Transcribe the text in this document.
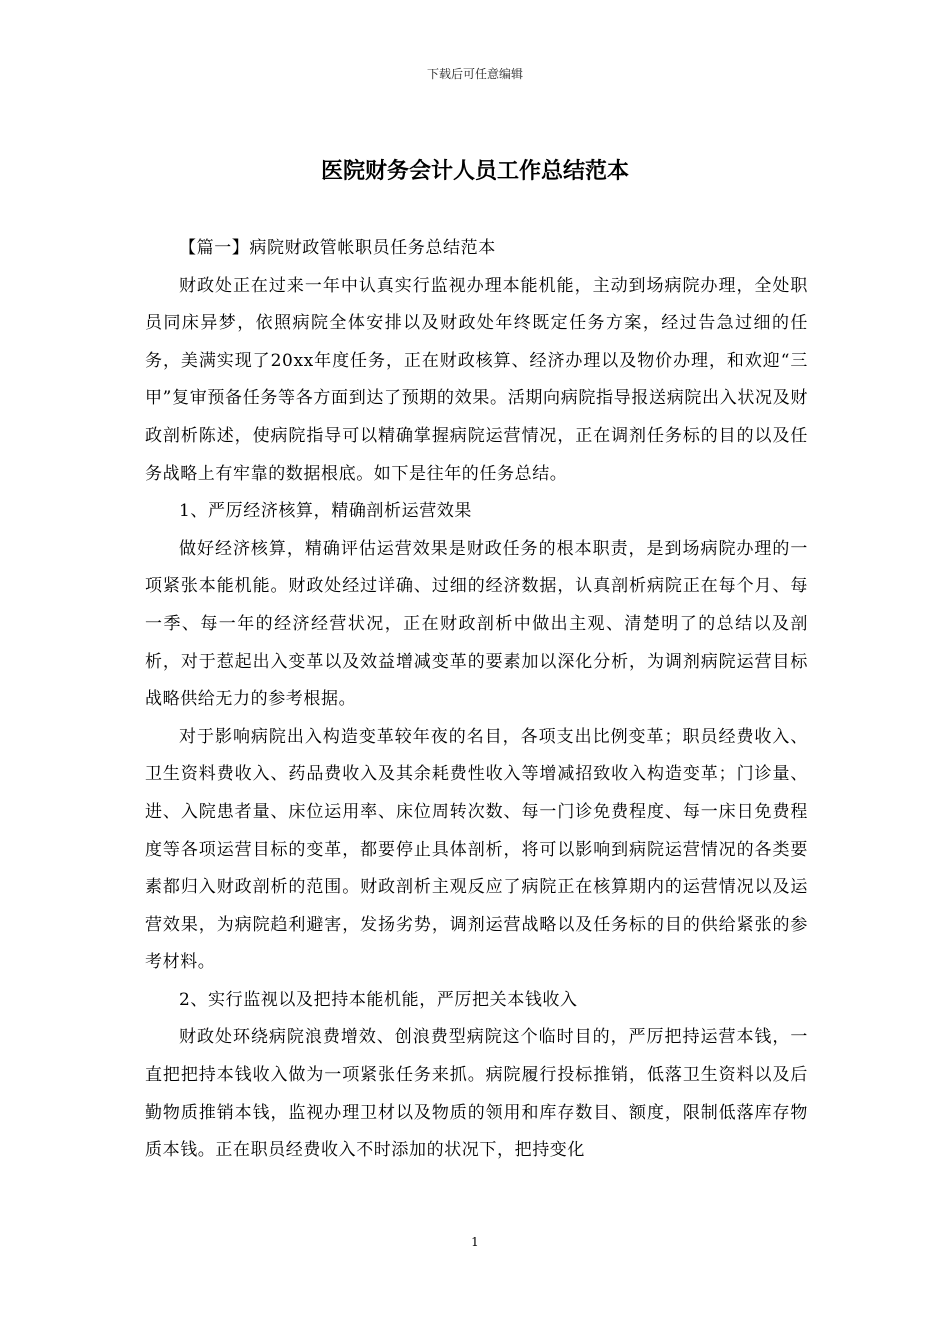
下载后可任意编辑
医院财务会计人员工作总结范本

【篇一】病院财政管帐职员任务总结范本

财政处正在过来一年中认真实行监视办理本能机能，主动到场病院办理，全处职员同床异梦，依照病院全体安排以及财政处年终既定任务方案，经过告急过细的任务，美满实现了20xx年度任务，正在财政核算、经济办理以及物价办理，和欢迎“三甲”复审预备任务等各方面到达了预期的效果。活期向病院指导报送病院出入状况及财政剖析陈述，使病院指导可以精确掌握病院运营情况，正在调剂任务标的目的以及任务战略上有牢靠的数据根底。如下是往年的任务总结。

1、严厉经济核算，精确剖析运营效果

做好经济核算，精确评估运营效果是财政任务的根本职责，是到场病院办理的一项紧张本能机能。财政处经过详确、过细的经济数据，认真剖析病院正在每个月、每一季、每一年的经济经营状况，正在财政剖析中做出主观、清楚明了的总结以及剖析，对于惹起出入变革以及效益增减变革的要素加以深化分析，为调剂病院运营目标战略供给无力的参考根据。

对于影响病院出入构造变革较年夜的名目，各项支出比例变革；职员经费收入、卫生资料费收入、药品费收入及其余耗费性收入等增减招致收入构造变革；门诊量、进、入院患者量、床位运用率、床位周转次数、每一门诊免费程度、每一床日免费程度等各项运营目标的变革，都要停止具体剖析，将可以影响到病院运营情况的各类要素都归入财政剖析的范围。财政剖析主观反应了病院正在核算期内的运营情况以及运营效果，为病院趋利避害，发扬劣势，调剂运营战略以及任务标的目的供给紧张的参考材料。

2、实行监视以及把持本能机能，严厉把关本钱收入

财政处环绕病院浪费增效、创浪费型病院这个临时目的，严厉把持运营本钱，一直把把持本钱收入做为一项紧张任务来抓。病院履行投标推销，低落卫生资料以及后勤物质推销本钱，监视办理卫材以及物质的领用和库存数目、额度，限制低落库存物质本钱。正在职员经费收入不时添加的状况下，把持变化

1
